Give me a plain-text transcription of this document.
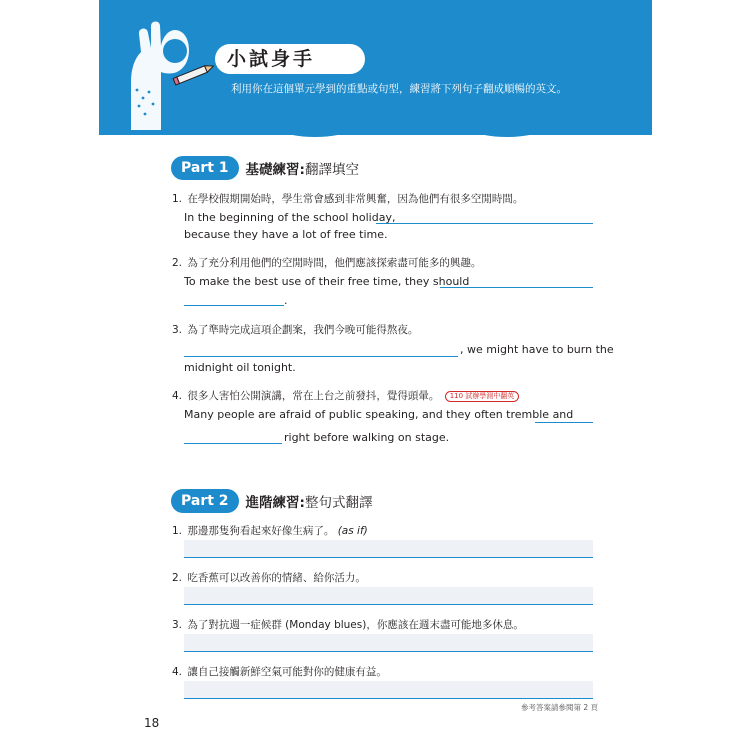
小試身手
利用你在這個單元學到的重點或句型，練習將下列句子翻成順暢的英文。
Part 1	基礎練習:翻譯填空
1. 在學校假期開始時，學生常會感到非常興奮，因為他們有很多空閒時間。
In the beginning of the school holiday,
because they have a lot of free time.
2. 為了充分利用他們的空閒時間，他們應該探索盡可能多的興趣。
To make the best use of their free time, they should
.
3. 為了準時完成這項企劃案，我們今晚可能得熬夜。
, we might have to burn the
midnight oil tonight.
4. 很多人害怕公開演講，常在上台之前發抖，覺得頭暈。 110 試辦學測中翻英
Many people are afraid of public speaking, and they often tremble and
right before walking on stage.
Part 2	進階練習:整句式翻譯
1. 那邊那隻狗看起來好像生病了。 (as if)
2. 吃香蕉可以改善你的情緒、給你活力。
3. 為了對抗週一症候群 (Monday blues)，你應該在週末盡可能地多休息。
4. 讓自己接觸新鮮空氣可能對你的健康有益。
參考答案請參閱第 2 頁
18
